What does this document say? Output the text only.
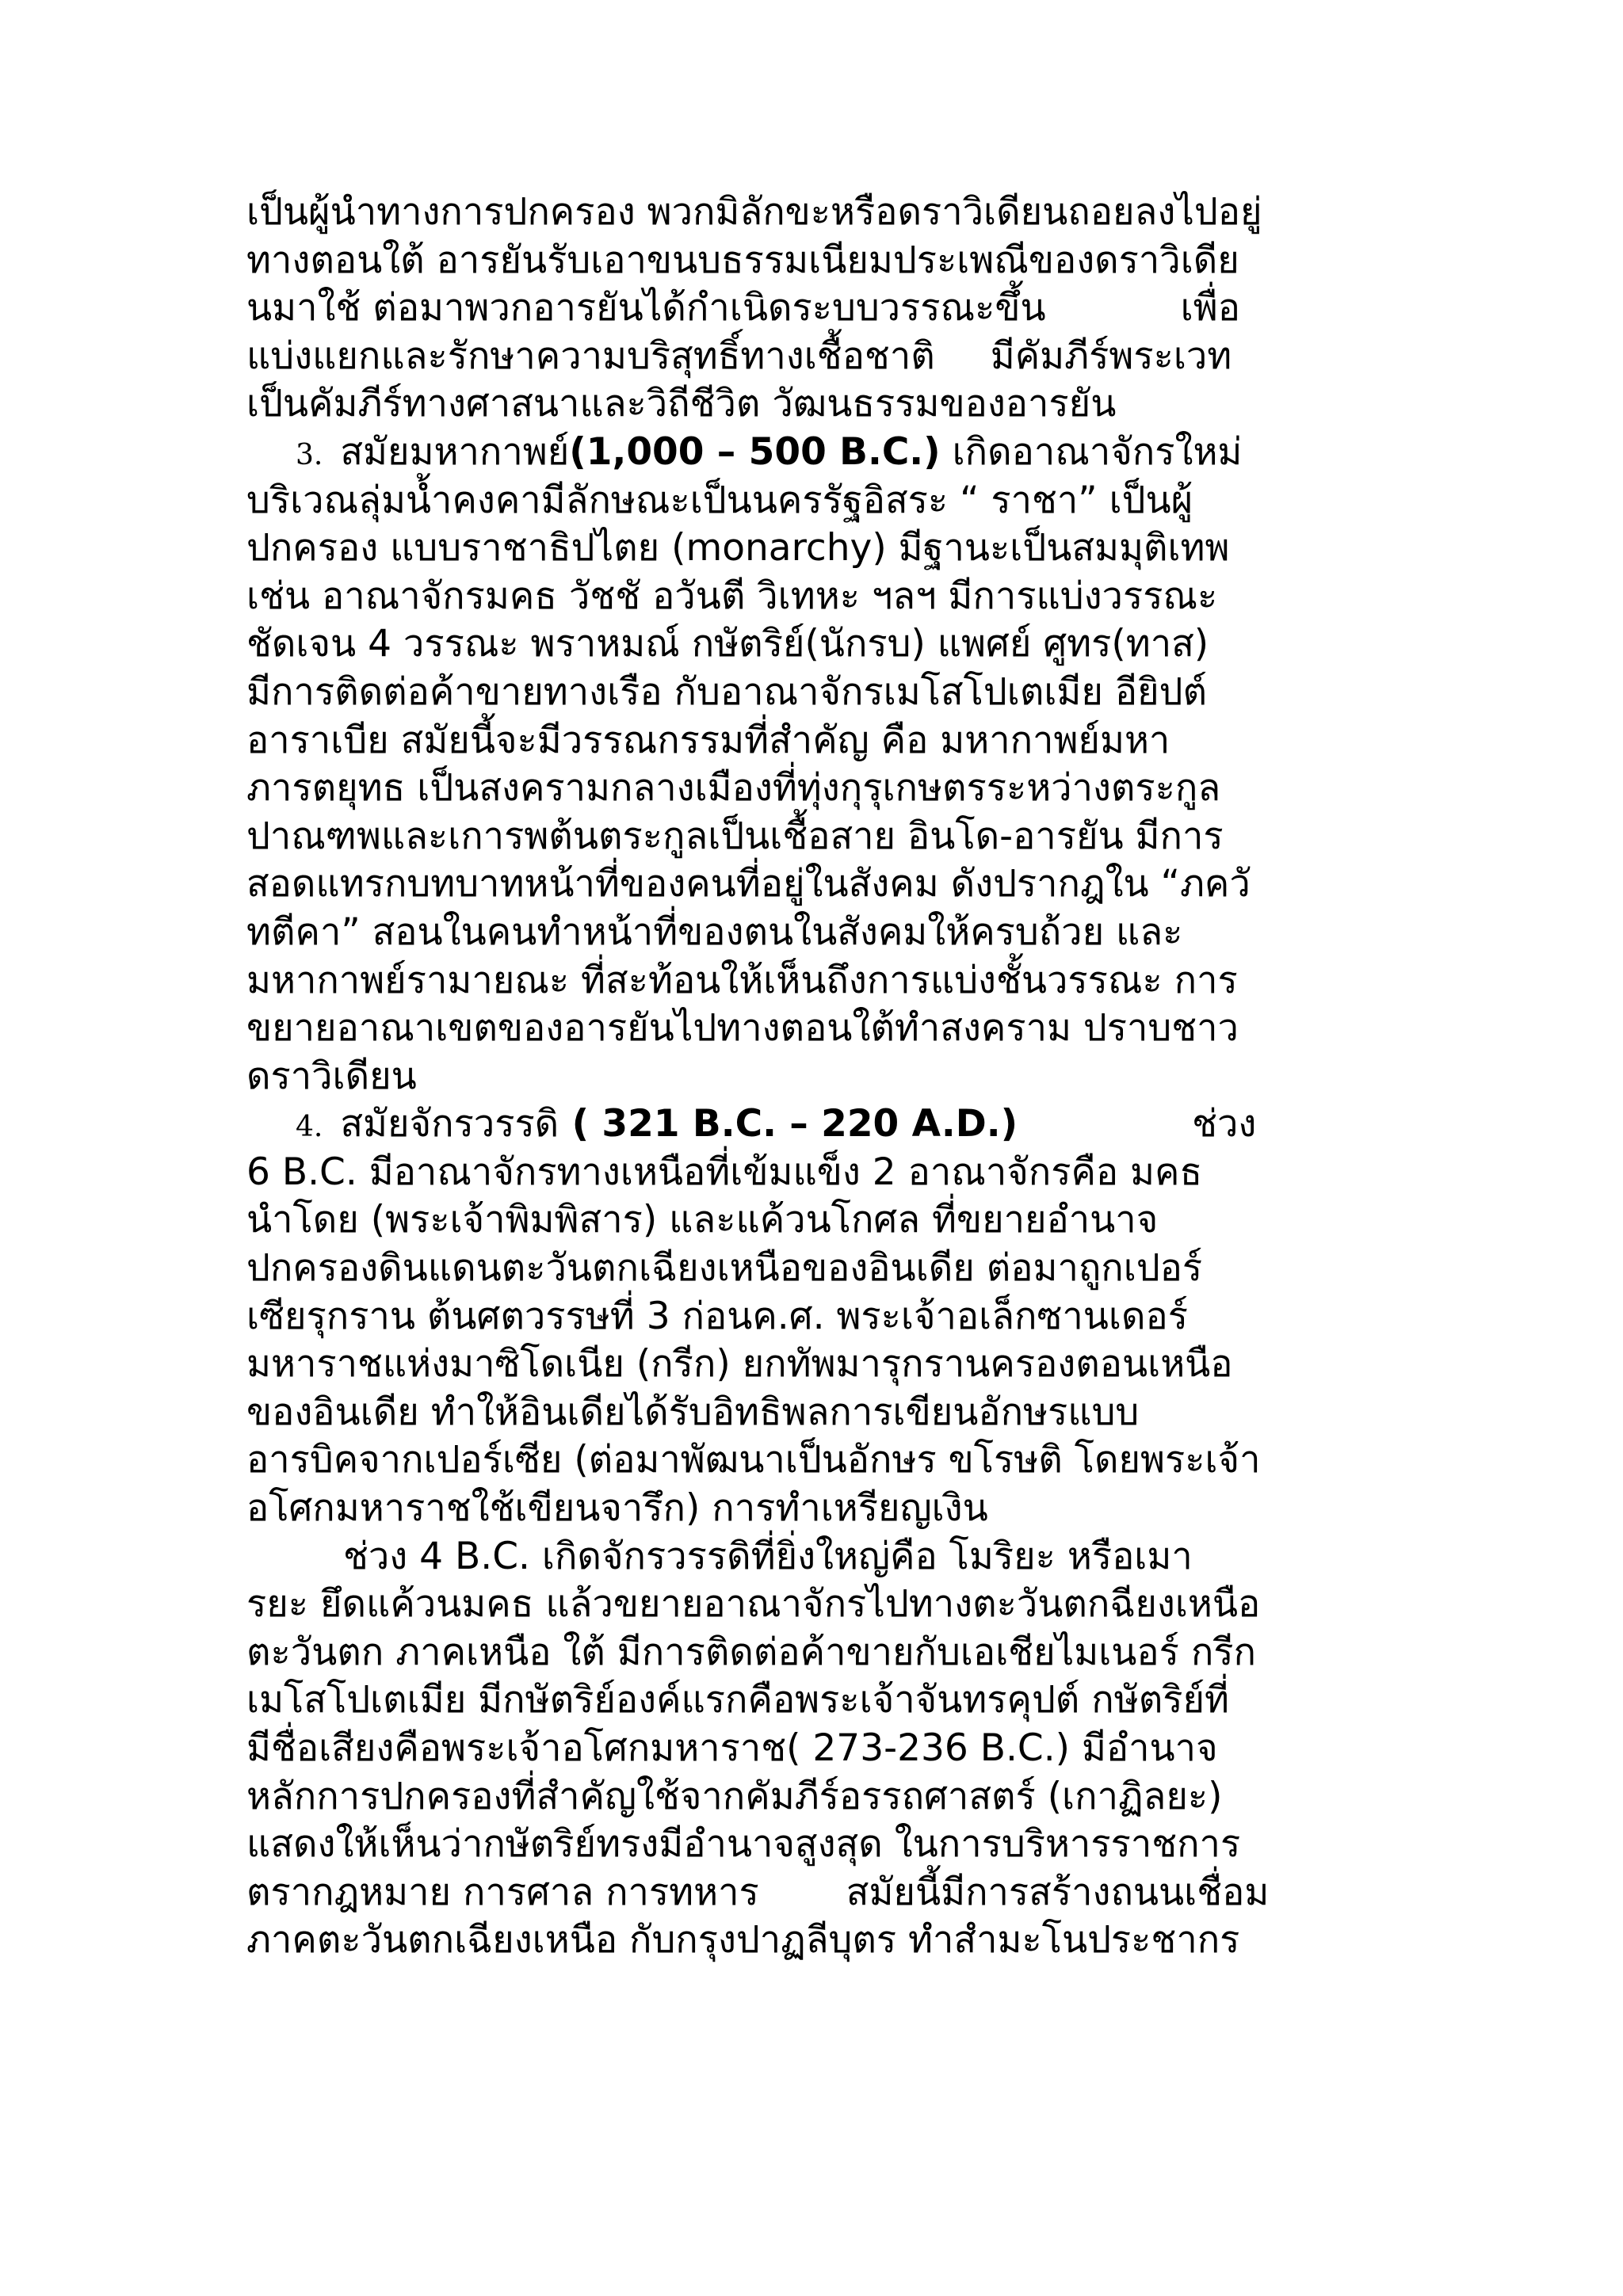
เป็นผู้นำทางการปกครอง พวกมิลักขะหรือดราวิเดียนถอยลงไปอยู่
ทางตอนใต้ อารยันรับเอาขนบธรรมเนียมประเพณีของดราวิเดีย
นมาใช้ ต่อมาพวกอารยันได้กำเนิดระบบวรรณะขึ้น	เพื่อ
แบ่งแยกและรักษาความบริสุทธิ์ทางเชื้อชาติ มีคัมภีร์พระเวท
เป็นคัมภีร์ทางศาสนาและวิถีชีวิต วัฒนธรรมของอารยัน
3. สมัยมหากาพย์(1,000 – 500 B.C.) เกิดอาณาจักรใหม่
บริเวณลุ่มน้ำคงคามีลักษณะเป็นนครรัฐอิสระ “ ราชา” เป็นผู้
ปกครอง แบบราชาธิปไตย (monarchy) มีฐานะเป็นสมมุติเทพ
เช่น อาณาจักรมคธ วัชชั อวันตี วิเทหะ ฯลฯ มีการแบ่งวรรณะ
ชัดเจน 4 วรรณะ พราหมณ์ กษัตริย์(นักรบ) แพศย์ ศูทร(ทาส)
มีการติดต่อค้าขายทางเรือ กับอาณาจักรเมโสโปเตเมีย อียิปต์
อาราเบีย สมัยนี้จะมีวรรณกรรมที่สำคัญ คือ มหากาพย์มหา
ภารตยุทธ เป็นสงครามกลางเมืองที่ทุ่งกุรุเกษตรระหว่างตระกูล
ปาณฑพและเการพต้นตระกูลเป็นเชื้อสาย อินโด-อารยัน มีการ
สอดแทรกบทบาทหน้าที่ของคนที่อยู่ในสังคม ดังปรากฎใน “ภควั
ทตีคา” สอนในคนทำหน้าที่ของตนในสังคมให้ครบถ้วย และ
มหากาพย์รามายณะ ที่สะท้อนให้เห็นถึงการแบ่งชั้นวรรณะ การ
ขยายอาณาเขตของอารยันไปทางตอนใต้ทำสงคราม ปราบชาว
ดราวิเดียน
4. สมัยจักรวรรดิ ( 321 B.C. – 220 A.D.)	ช่วง
6 B.C. มีอาณาจักรทางเหนือที่เข้มแข็ง 2 อาณาจักรคือ มคธ
นำโดย (พระเจ้าพิมพิสาร) และแค้วนโกศล ที่ขยายอำนาจ
ปกครองดินแดนตะวันตกเฉียงเหนือของอินเดีย ต่อมาถูกเปอร์
เซียรุกราน ต้นศตวรรษที่ 3 ก่อนค.ศ. พระเจ้าอเล็กซานเดอร์
มหาราชแห่งมาซิโดเนีย (กรีก) ยกทัพมารุกรานครองตอนเหนือ
ของอินเดีย ทำให้อินเดียได้รับอิทธิพลการเขียนอักษรแบบ
อารบิคจากเปอร์เซีย (ต่อมาพัฒนาเป็นอักษร ขโรษติ โดยพระเจ้า
อโศกมหาราชใช้เขียนจารึก) การทำเหรียญเงิน
ช่วง 4 B.C. เกิดจักรวรรดิที่ยิ่งใหญ่คือ โมริยะ หรือเมา
รยะ ยึดแค้วนมคธ แล้วขยายอาณาจักรไปทางตะวันตกฉียงเหนือ
ตะวันตก ภาคเหนือ ใต้ มีการติดต่อค้าขายกับเอเชียไมเนอร์ กรีก
เมโสโปเตเมีย มีกษัตริย์องค์แรกคือพระเจ้าจันทรคุปต์ กษัตริย์ที่
มีชื่อเสียงคือพระเจ้าอโศกมหาราช( 273-236 B.C.) มีอำนาจ
หลักการปกครองที่สำคัญใช้จากคัมภีร์อรรถศาสตร์ (เกาฏิลยะ)
แสดงให้เห็นว่ากษัตริย์ทรงมีอำนาจสูงสุด ในการบริหารราชการ
ตรากฎหมาย การศาล การทหาร สมัยนี้มีการสร้างถนนเชื่อม
ภาคตะวันตกเฉียงเหนือ กับกรุงปาฏลีบุตร ทำสำมะโนประชากร
